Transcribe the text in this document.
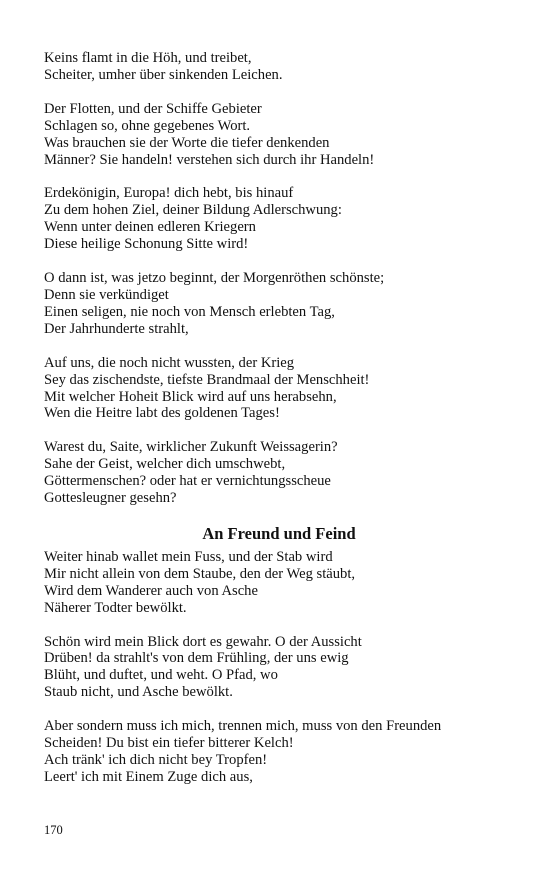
Keins flamt in die Höh, und treibet,
Scheiter, umher über sinkenden Leichen.
Der Flotten, und der Schiffe Gebieter
Schlagen so, ohne gegebenes Wort.
Was brauchen sie der Worte die tiefer denkenden
Männer? Sie handeln! verstehen sich durch ihr Handeln!
Erdekönigin, Europa! dich hebt, bis hinauf
Zu dem hohen Ziel, deiner Bildung Adlerschwung:
Wenn unter deinen edleren Kriegern
Diese heilige Schonung Sitte wird!
O dann ist, was jetzo beginnt, der Morgenröthen schönste;
Denn sie verkündiget
Einen seligen, nie noch von Mensch erlebten Tag,
Der Jahrhunderte strahlt,
Auf uns, die noch nicht wussten, der Krieg
Sey das zischendste, tiefste Brandmaal der Menschheit!
Mit welcher Hoheit Blick wird auf uns herabsehn,
Wen die Heitre labt des goldenen Tages!
Warest du, Saite, wirklicher Zukunft Weissagerin?
Sahe der Geist, welcher dich umschwebt,
Göttermenschen? oder hat er vernichtungsscheue
Gottesleugner gesehn?
An Freund und Feind
Weiter hinab wallet mein Fuss, und der Stab wird
Mir nicht allein von dem Staube, den der Weg stäubt,
Wird dem Wanderer auch von Asche
Näherer Todter bewölkt.
Schön wird mein Blick dort es gewahr. O der Aussicht
Drüben! da strahlt's von dem Frühling, der uns ewig
Blüht, und duftet, und weht. O Pfad, wo
Staub nicht, und Asche bewölkt.
Aber sondern muss ich mich, trennen mich, muss von den Freunden
Scheiden! Du bist ein tiefer bitterer Kelch!
Ach tränk' ich dich nicht bey Tropfen!
Leert' ich mit Einem Zuge dich aus,
170
